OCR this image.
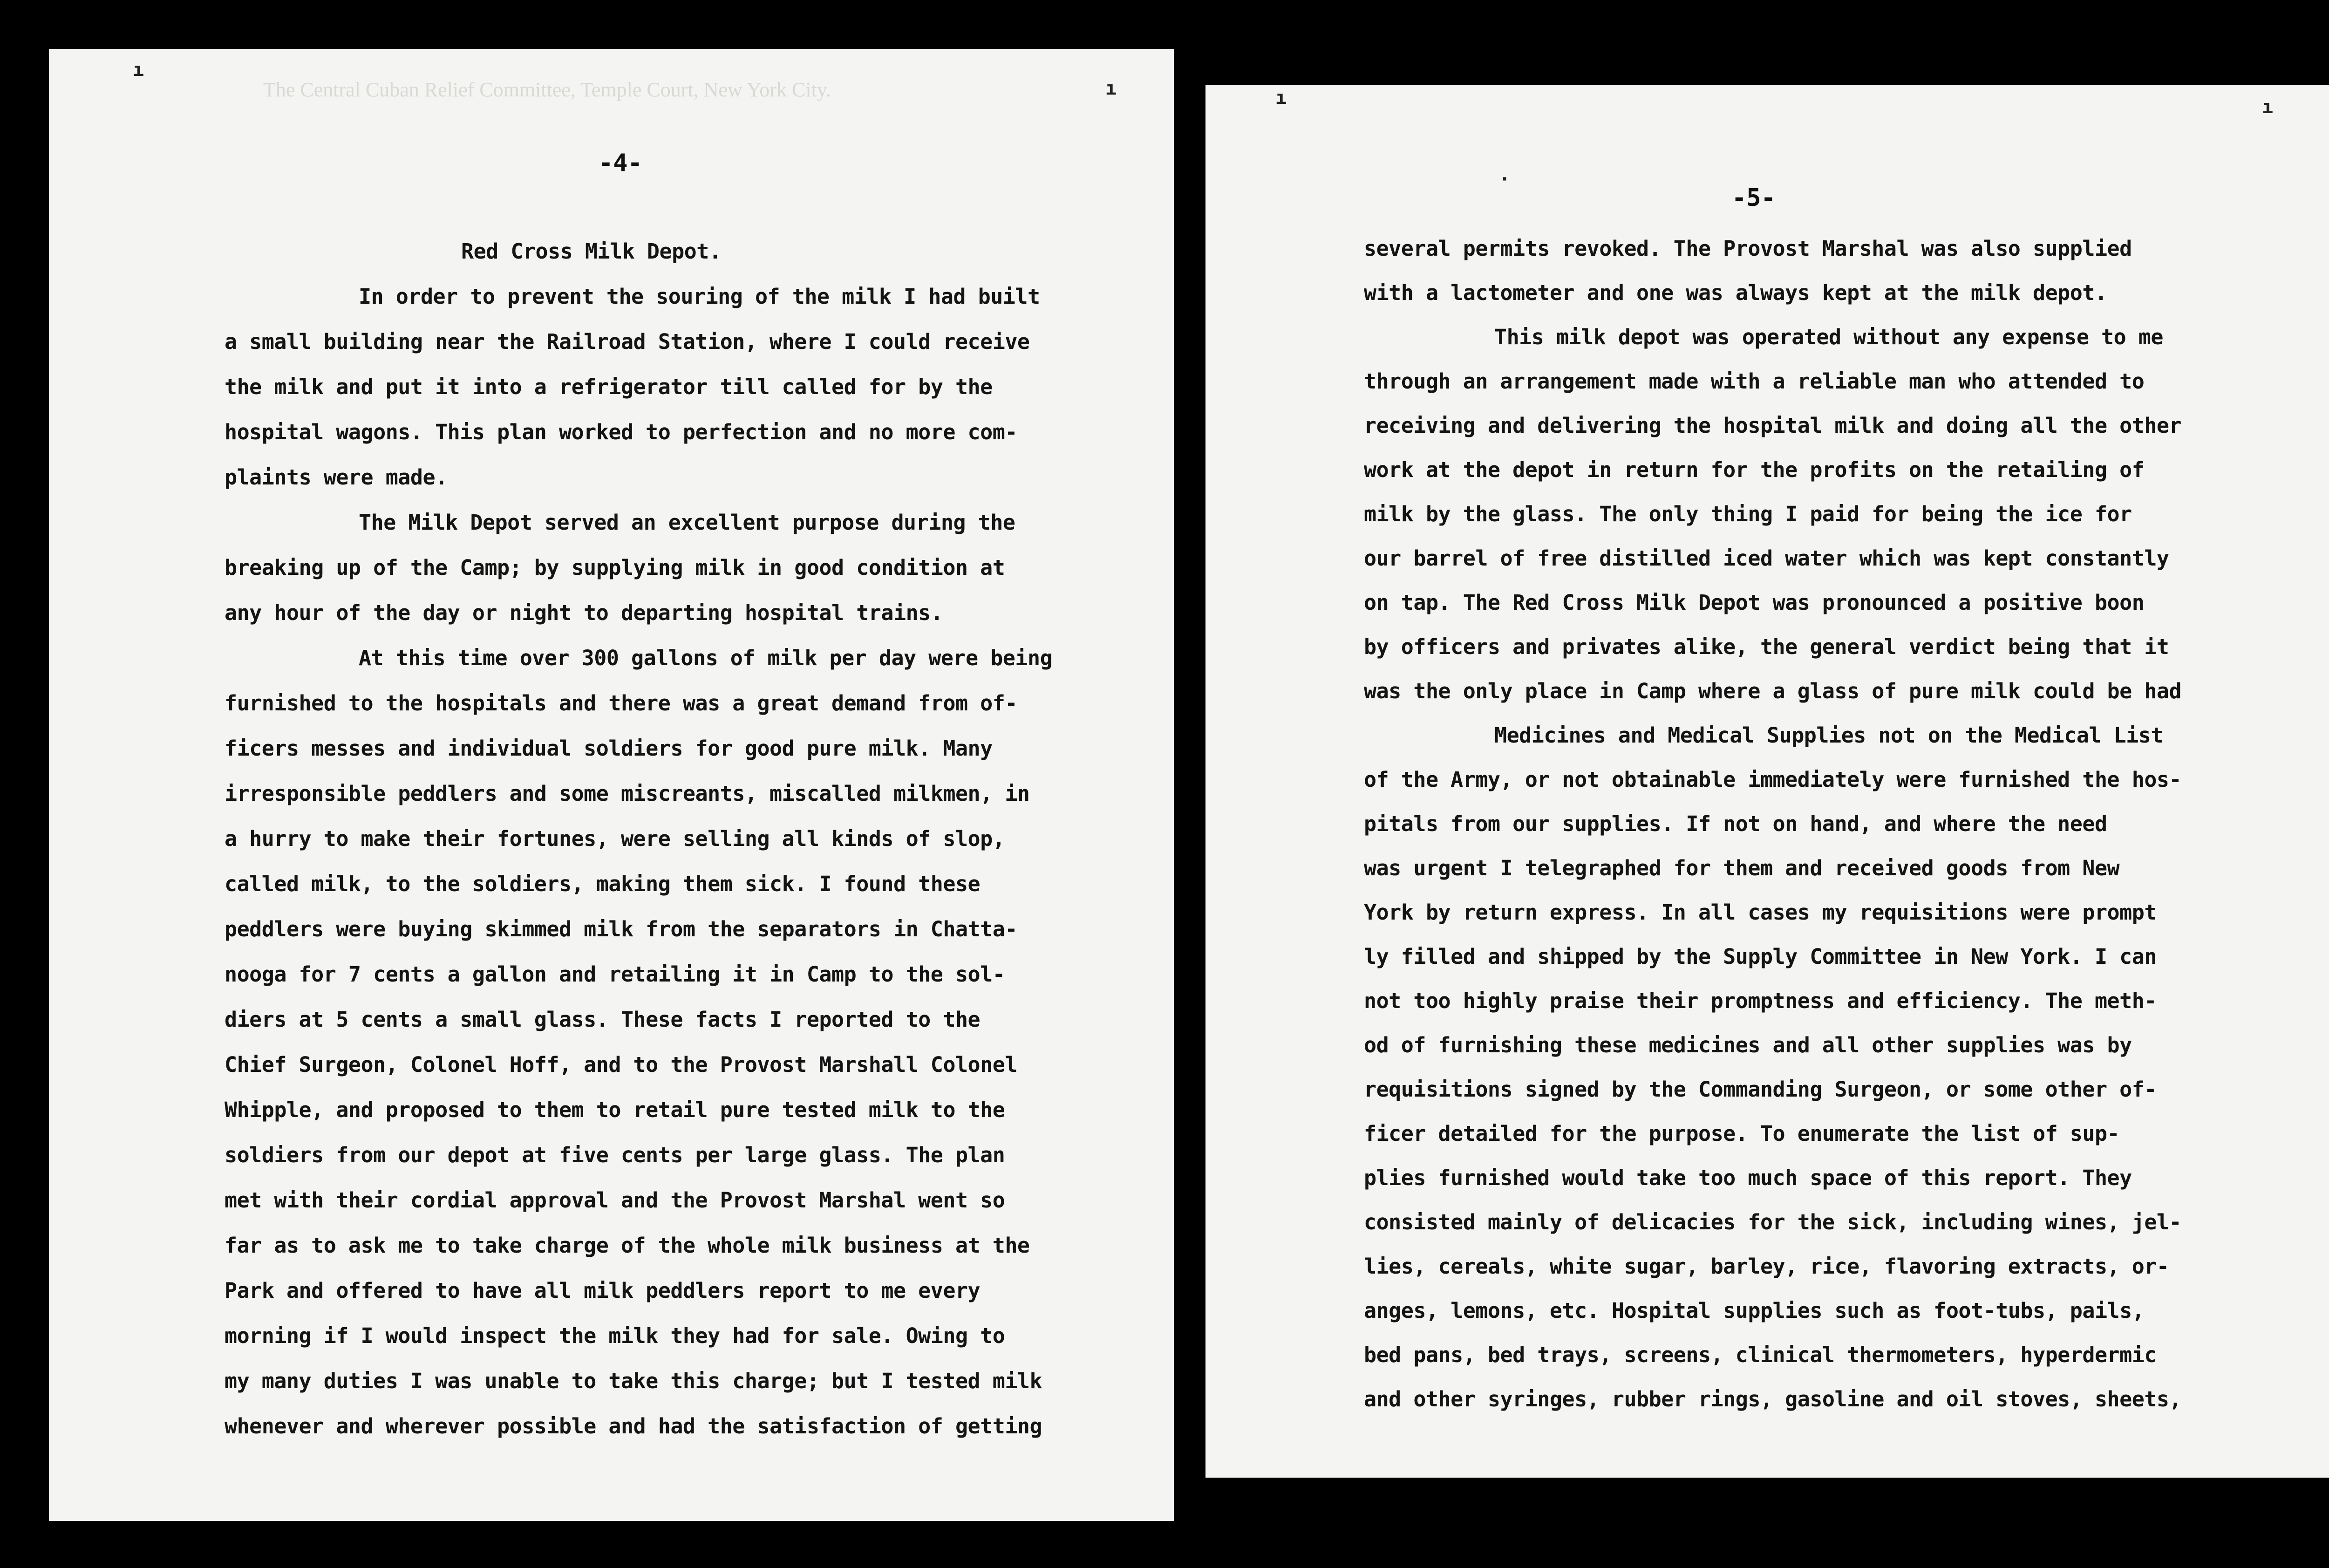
ı
ı
The Central Cuban Relief Committee, Temple Court, New York City.
-4-
Red Cross Milk Depot.
In order to prevent the souring of the milk I had built
a small building near the Railroad Station, where I could receive
the milk and put it into a refrigerator till called for by the
hospital wagons. This plan worked to perfection and no more com-
plaints were made.
The Milk Depot served an excellent purpose during the
breaking up of the Camp; by supplying milk in good condition at
any hour of the day or night to departing hospital trains.
At this time over 300 gallons of milk per day were being
furnished to the hospitals and there was a great demand from of-
ficers messes and individual soldiers for good pure milk. Many
irresponsible peddlers and some miscreants, miscalled milkmen, in
a hurry to make their fortunes, were selling all kinds of slop,
called milk, to the soldiers, making them sick. I found these
peddlers were buying skimmed milk from the separators in Chatta-
nooga for 7 cents a gallon and retailing it in Camp to the sol-
diers at 5 cents a small glass. These facts I reported to the
Chief Surgeon, Colonel Hoff, and to the Provost Marshall Colonel
Whipple, and proposed to them to retail pure tested milk to the
soldiers from our depot at five cents per large glass. The plan
met with their cordial approval and the Provost Marshal went so
far as to ask me to take charge of the whole milk business at the
Park and offered to have all milk peddlers report to me every
morning if I would inspect the milk they had for sale. Owing to
my many duties I was unable to take this charge; but I tested milk
whenever and wherever possible and had the satisfaction of getting
ı	ı
·
-5-
several permits revoked. The Provost Marshal was also supplied
with a lactometer and one was always kept at the milk depot.
This milk depot was operated without any expense to me
through an arrangement made with a reliable man who attended to
receiving and delivering the hospital milk and doing all the other
work at the depot in return for the profits on the retailing of
milk by the glass. The only thing I paid for being the ice for
our barrel of free distilled iced water which was kept constantly
on tap. The Red Cross Milk Depot was pronounced a positive boon
by officers and privates alike, the general verdict being that it
was the only place in Camp where a glass of pure milk could be had
Medicines and Medical Supplies not on the Medical List
of the Army, or not obtainable immediately were furnished the hos-
pitals from our supplies. If not on hand, and where the need
was urgent I telegraphed for them and received goods from New
York by return express. In all cases my requisitions were prompt
ly filled and shipped by the Supply Committee in New York. I can
not too highly praise their promptness and efficiency. The meth-
od of furnishing these medicines and all other supplies was by
requisitions signed by the Commanding Surgeon, or some other of-
ficer detailed for the purpose. To enumerate the list of sup-
plies furnished would take too much space of this report. They
consisted mainly of delicacies for the sick, including wines, jel-
lies, cereals, white sugar, barley, rice, flavoring extracts, or-
anges, lemons, etc. Hospital supplies such as foot-tubs, pails,
bed pans, bed trays, screens, clinical thermometers, hyperdermic
and other syringes, rubber rings, gasoline and oil stoves, sheets,
